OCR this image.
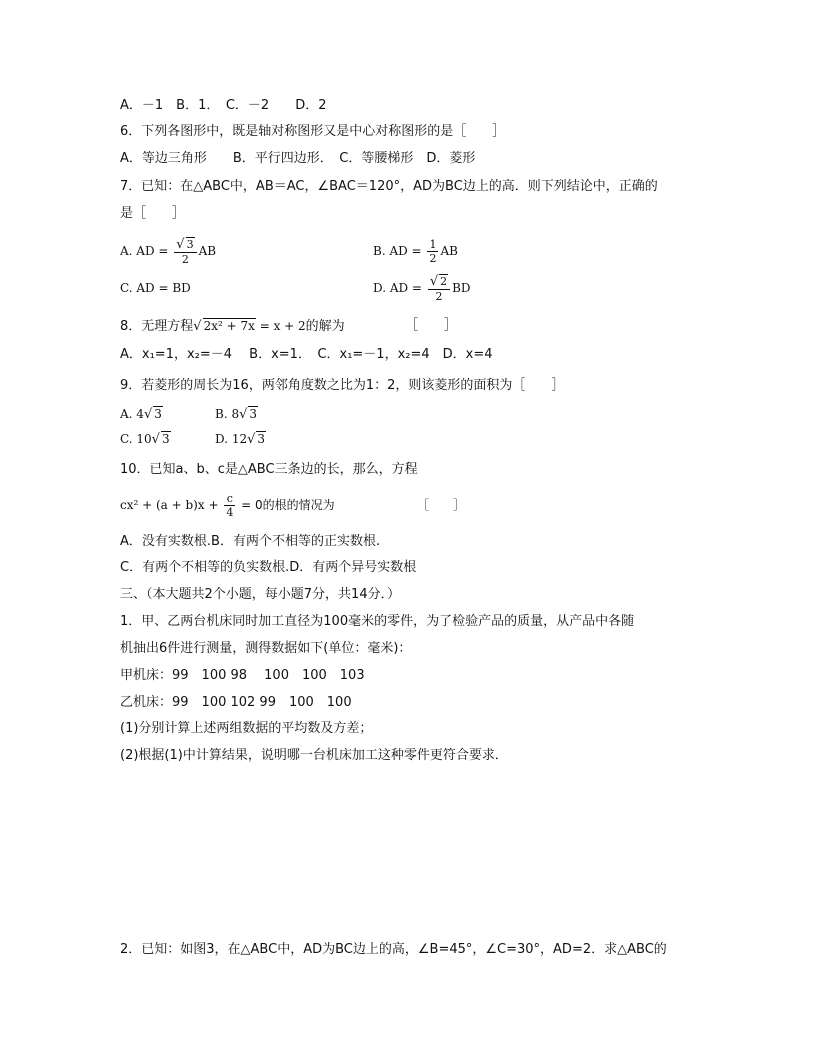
A．－1　B．1．　C．－2　　D．2
6．下列各图形中，既是轴对称图形又是中心对称图形的是［　　］
A．等边三角形　　B．平行四边形．　C．等腰梯形　D．菱形
7．已知：在△ABC中，AB＝AC，∠BAC＝120°，AD为BC边上的高．则下列结论中，正确的
是［　　］
A. AD = $\frac{√ 3}{2}$ AB	B. AD = $\frac{1}{2}$ AB
C. AD = BD	D. AD = $\frac{√ 2}{2}$ BD
8．无理方程√ 2x² + 7x = x + 2的解为	［　　］
A．x₁=1，x₂=－4　 B．x=1．　C．x₁=－1，x₂=4　D．x=4
9．若菱形的周长为16，两邻角度数之比为1：2，则该菱形的面积为［　　］
A. 4√ 3	B. 8√ 3
C. 10√ 3	D. 12√ 3
10．已知a、b、c是△ABC三条边的长，那么，方程
$cx^2 + (a + b)x + \frac{c}{4} = 0$的根的情况为	［　　］
A．没有实数根.B．有两个不相等的正实数根.
C．有两个不相等的负实数根.D．有两个异号实数根
三、（本大题共2个小题，每小题7分，共14分．）
1．甲、乙两台机床同时加工直径为100毫米的零件，为了检验产品的质量，从产品中各随
机抽出6件进行测量，测得数据如下(单位：毫米)：
甲机床：99　100 98　 100　100　103
乙机床：99　100 102 99　100　100
(1)分别计算上述两组数据的平均数及方差；
(2)根据(1)中计算结果，说明哪一台机床加工这种零件更符合要求．
2．已知：如图3，在△ABC中，AD为BC边上的高，∠B=45°，∠C=30°，AD=2．求△ABC的
